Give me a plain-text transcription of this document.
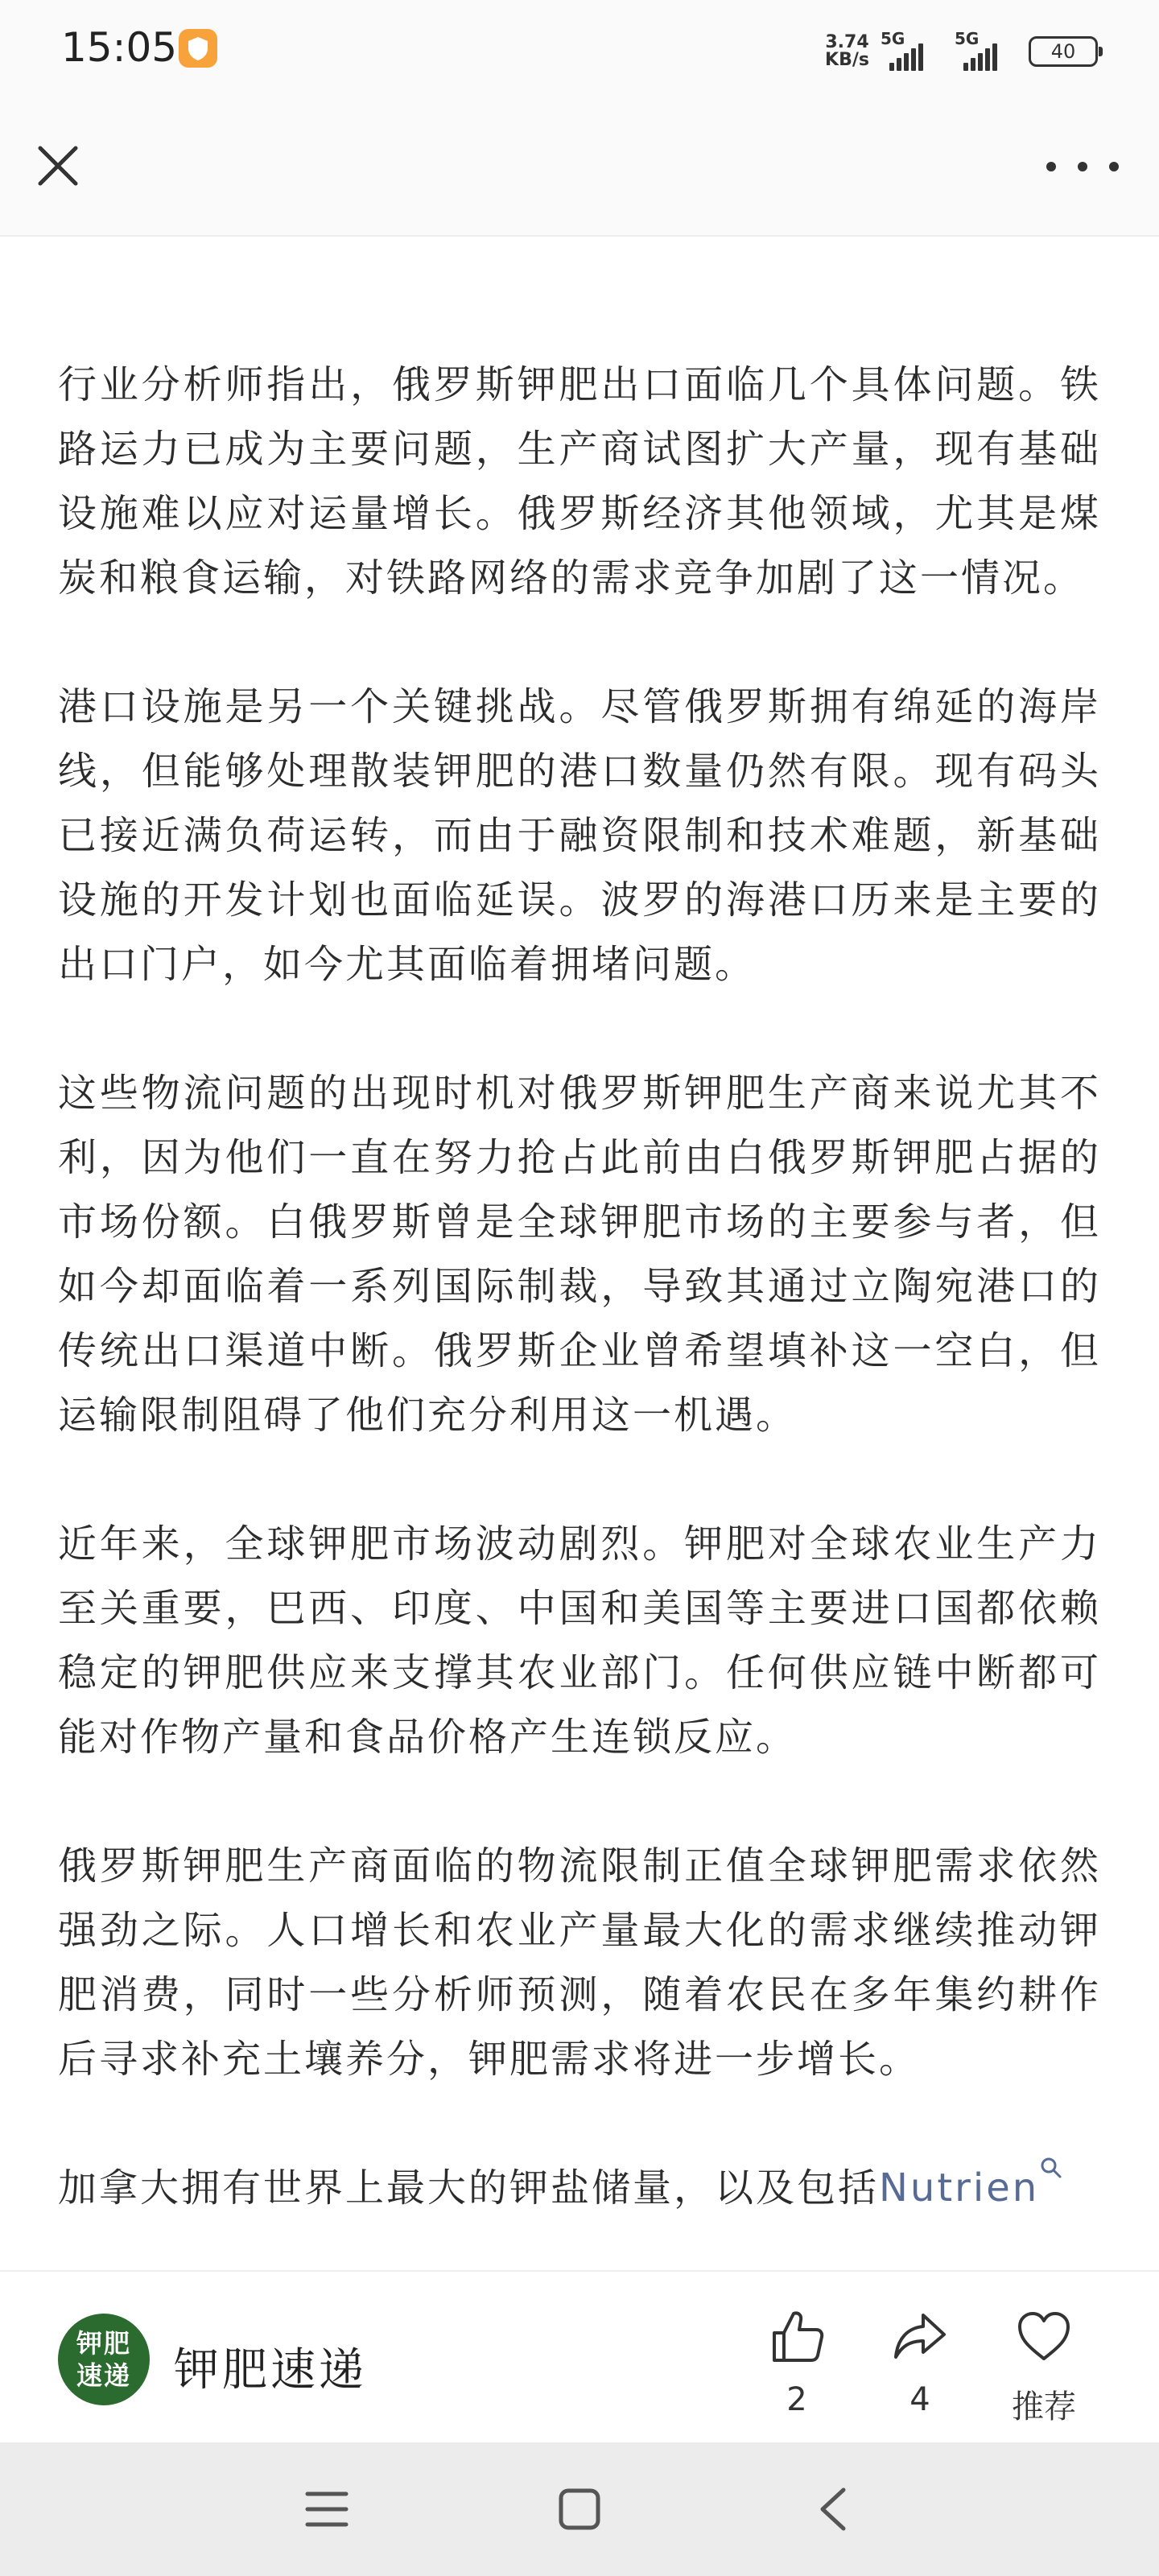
15:05	3.74
KB/s
5G	5G
40

行业分析师指出，俄罗斯钾肥出口面临几个具体问题。铁路运力已成为主要问题，生产商试图扩大产量，现有基础设施难以应对运量增长。俄罗斯经济其他领域，尤其是煤炭和粮食运输，对铁路网络的需求竞争加剧了这一情况。

港口设施是另一个关键挑战。尽管俄罗斯拥有绵延的海岸线，但能够处理散装钾肥的港口数量仍然有限。现有码头已接近满负荷运转，而由于融资限制和技术难题，新基础设施的开发计划也面临延误。波罗的海港口历来是主要的出口门户，如今尤其面临着拥堵问题。

这些物流问题的出现时机对俄罗斯钾肥生产商来说尤其不利，因为他们一直在努力抢占此前由白俄罗斯钾肥占据的市场份额。白俄罗斯曾是全球钾肥市场的主要参与者，但如今却面临着一系列国际制裁，导致其通过立陶宛港口的传统出口渠道中断。俄罗斯企业曾希望填补这一空白，但运输限制阻碍了他们充分利用这一机遇。

近年来，全球钾肥市场波动剧烈。钾肥对全球农业生产力至关重要，巴西、印度、中国和美国等主要进口国都依赖稳定的钾肥供应来支撑其农业部门。任何供应链中断都可能对作物产量和食品价格产生连锁反应。

俄罗斯钾肥生产商面临的物流限制正值全球钾肥需求依然强劲之际。人口增长和农业产量最大化的需求继续推动钾肥消费，同时一些分析师预测，随着农民在多年集约耕作后寻求补充土壤养分，钾肥需求将进一步增长。

加拿大拥有世界上最大的钾盐储量，以及包括Nutrien

钾肥
速递 钾肥速递
2	4	推荐
